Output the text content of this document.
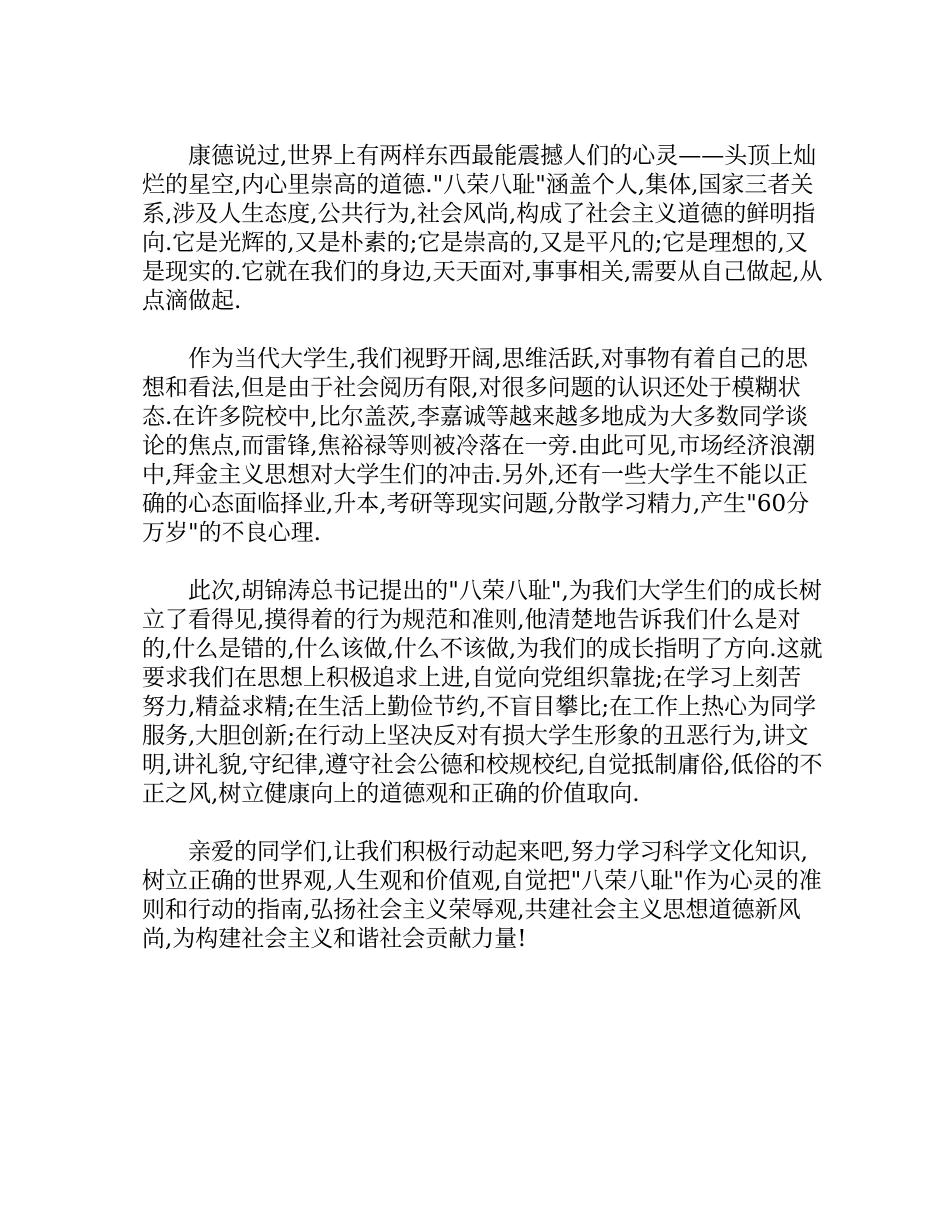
康德说过,世界上有两样东西最能震撼人们的心灵——头顶上灿烂的星空,内心里崇高的道德."八荣八耻"涵盖个人,集体,国家三者关系,涉及人生态度,公共行为,社会风尚,构成了社会主义道德的鲜明指向.它是光辉的,又是朴素的;它是崇高的,又是平凡的;它是理想的,又是现实的.它就在我们的身边,天天面对,事事相关,需要从自己做起,从点滴做起.

作为当代大学生,我们视野开阔,思维活跃,对事物有着自己的思想和看法,但是由于社会阅历有限,对很多问题的认识还处于模糊状态.在许多院校中,比尔盖茨,李嘉诚等越来越多地成为大多数同学谈论的焦点,而雷锋,焦裕禄等则被冷落在一旁.由此可见,市场经济浪潮中,拜金主义思想对大学生们的冲击.另外,还有一些大学生不能以正确的心态面临择业,升本,考研等现实问题,分散学习精力,产生"60分万岁"的不良心理.

此次,胡锦涛总书记提出的"八荣八耻",为我们大学生们的成长树立了看得见,摸得着的行为规范和准则,他清楚地告诉我们什么是对的,什么是错的,什么该做,什么不该做,为我们的成长指明了方向.这就要求我们在思想上积极追求上进,自觉向党组织靠拢;在学习上刻苦努力,精益求精;在生活上勤俭节约,不盲目攀比;在工作上热心为同学服务,大胆创新;在行动上坚决反对有损大学生形象的丑恶行为,讲文明,讲礼貌,守纪律,遵守社会公德和校规校纪,自觉抵制庸俗,低俗的不正之风,树立健康向上的道德观和正确的价值取向.

亲爱的同学们,让我们积极行动起来吧,努力学习科学文化知识,树立正确的世界观,人生观和价值观,自觉把"八荣八耻"作为心灵的准则和行动的指南,弘扬社会主义荣辱观,共建社会主义思想道德新风尚,为构建社会主义和谐社会贡献力量!
